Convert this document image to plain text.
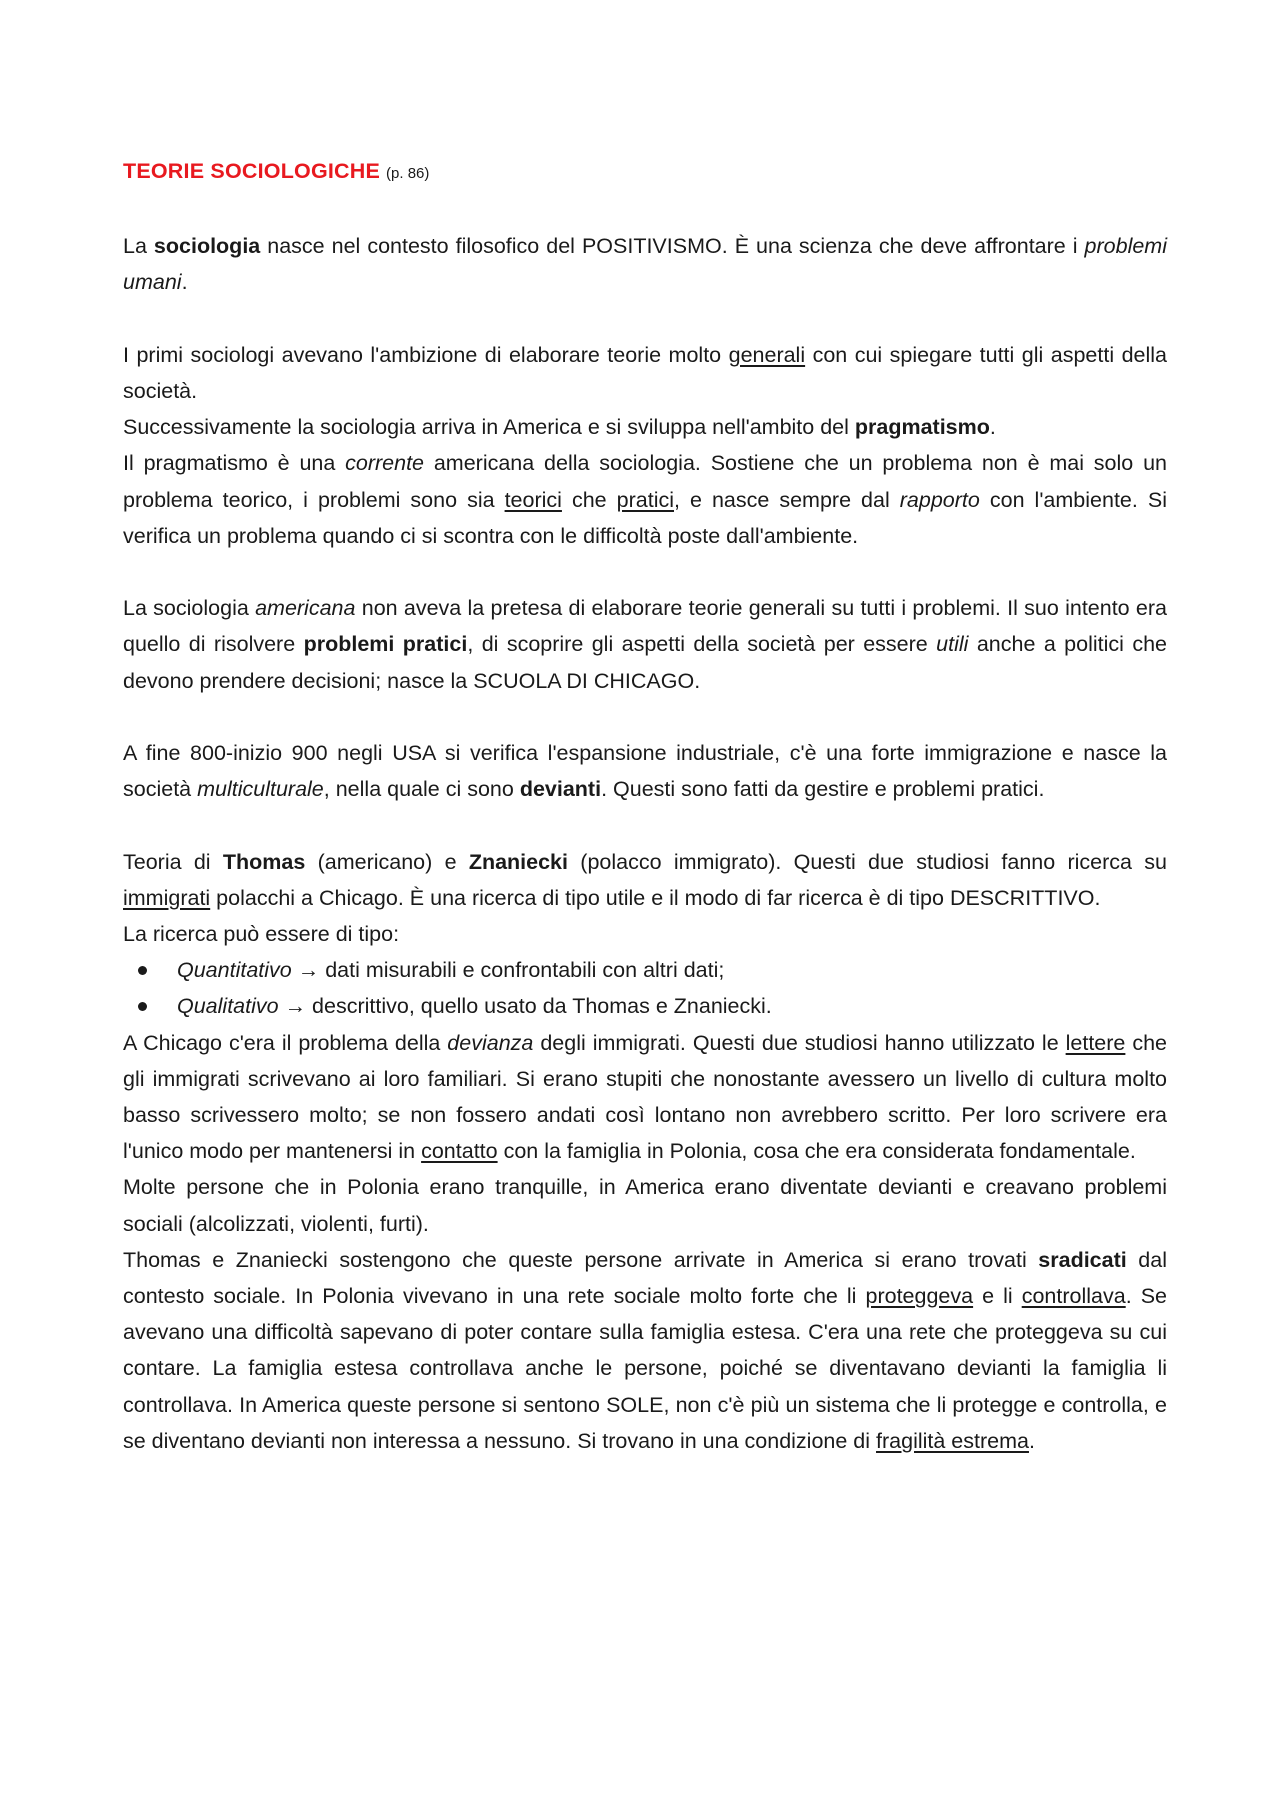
TEORIE SOCIOLOGICHE (p. 86)

La sociologia nasce nel contesto filosofico del POSITIVISMO. È una scienza che deve affrontare i problemi umani.

I primi sociologi avevano l'ambizione di elaborare teorie molto generali con cui spiegare tutti gli aspetti della società.

Successivamente la sociologia arriva in America e si sviluppa nell'ambito del pragmatismo.

Il pragmatismo è una corrente americana della sociologia. Sostiene che un problema non è mai solo un problema teorico, i problemi sono sia teorici che pratici, e nasce sempre dal rapporto con l'ambiente. Si verifica un problema quando ci si scontra con le difficoltà poste dall'ambiente.

La sociologia americana non aveva la pretesa di elaborare teorie generali su tutti i problemi. Il suo intento era quello di risolvere problemi pratici, di scoprire gli aspetti della società per essere utili anche a politici che devono prendere decisioni; nasce la SCUOLA DI CHICAGO.

A fine 800-inizio 900 negli USA si verifica l'espansione industriale, c'è una forte immigrazione e nasce la società multiculturale, nella quale ci sono devianti. Questi sono fatti da gestire e problemi pratici.

Teoria di Thomas (americano) e Znaniecki (polacco immigrato). Questi due studiosi fanno ricerca su immigrati polacchi a Chicago. È una ricerca di tipo utile e il modo di far ricerca è di tipo DESCRITTIVO.

La ricerca può essere di tipo:

Quantitativo → dati misurabili e confrontabili con altri dati;
Qualitativo → descrittivo, quello usato da Thomas e Znaniecki.

A Chicago c'era il problema della devianza degli immigrati. Questi due studiosi hanno utilizzato le lettere che gli immigrati scrivevano ai loro familiari. Si erano stupiti che nonostante avessero un livello di cultura molto basso scrivessero molto; se non fossero andati così lontano non avrebbero scritto. Per loro scrivere era l'unico modo per mantenersi in contatto con la famiglia in Polonia, cosa che era considerata fondamentale.

Molte persone che in Polonia erano tranquille, in America erano diventate devianti e creavano problemi sociali (alcolizzati, violenti, furti).

Thomas e Znaniecki sostengono che queste persone arrivate in America si erano trovati sradicati dal contesto sociale. In Polonia vivevano in una rete sociale molto forte che li proteggeva e li controllava. Se avevano una difficoltà sapevano di poter contare sulla famiglia estesa. C'era una rete che proteggeva su cui contare. La famiglia estesa controllava anche le persone, poiché se diventavano devianti la famiglia li controllava. In America queste persone si sentono SOLE, non c'è più un sistema che li protegge e controlla, e se diventano devianti non interessa a nessuno. Si trovano in una condizione di fragilità estrema.
